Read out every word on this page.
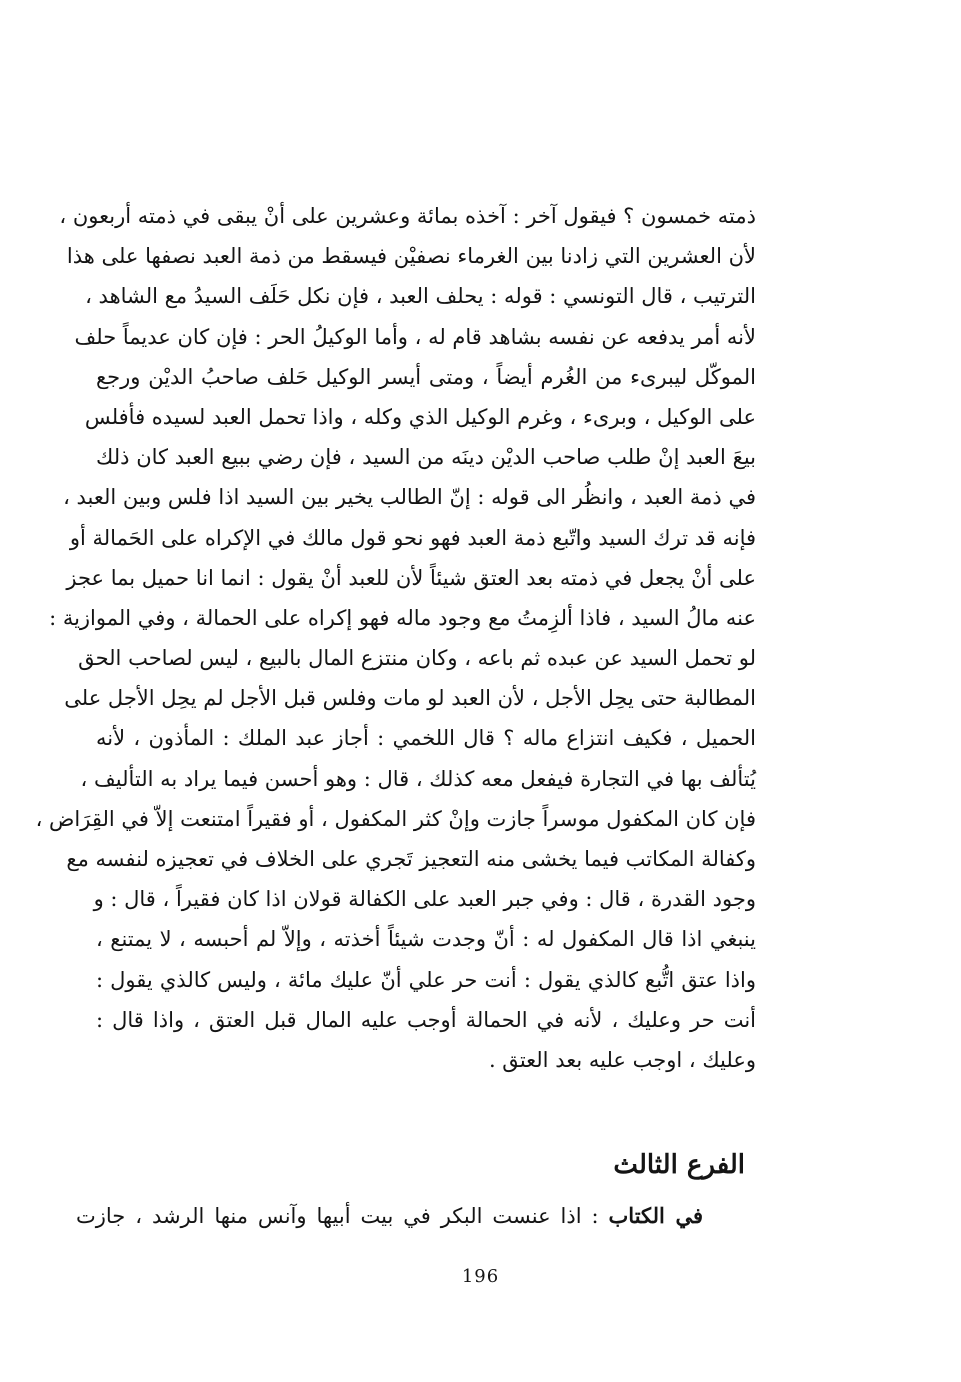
ذمته خمسون ؟ فيقول آخر : آخذه بمائة وعشرين على أنْ يبقى في ذمته أربعون ،
لأن العشرين التي زادنا بين الغرماء نصفيْن فيسقط من ذمة العبد نصفها على هذا
الترتيب ، قال التونسي : قوله : يحلف العبد ، فإن نكل حَلَف السيدُ مع الشاهد ،
لأنه أمر يدفعه عن نفسه بشاهد قام له ، وأما الوكيلُ الحر : فإن كان عديماً حلف
الموكّل ليبرىء من الغُرم أيضاً ، ومتى أيسر الوكيل حَلف صاحبُ الديْن ورجع
على الوكيل ، وبرىء ، وغرم الوكيل الذي وكله ، واذا تحمل العبد لسيده فأفلس
بيعَ العبد إنْ طلب صاحب الديْن دينَه من السيد ، فإن رضي ببيع العبد كان ذلك
في ذمة العبد ، وانظُر الى قوله : إنّ الطالب يخير بين السيد اذا فلس وبين العبد ،
فإنه قد ترك السيد واتّبع ذمة العبد فهو نحو قول مالك في الإكراه على الحَمالة أو
على أنْ يجعل في ذمته بعد العتق شيئاً لأن للعبد أنْ يقول : انما انا حميل بما عجز
عنه مالُ السيد ، فاذا ألزِمتُ مع وجود ماله فهو إكراه على الحمالة ، وفي الموازية :
لو تحمل السيد عن عبده ثم باعه ، وكان منتزع المال بالبيع ، ليس لصاحب الحق
المطالبة حتى يحِل الأجل ، لأن العبد لو مات وفلس قبل الأجل لم يحِل الأجل على
الحميل ، فكيف انتزاع ماله ؟ قال اللخمي : أجاز عبد الملك : المأذون ، لأنه
يُتألف بها في التجارة فيفعل معه كذلك ، قال : وهو أحسن فيما يراد به التأليف ،
فإن كان المكفول موسراً جازت وإنْ كثر المكفول ، أو فقيراً امتنعت إلاّ في القِرَاض ،
وكفالة المكاتب فيما يخشى منه التعجيز تَجري على الخلاف في تعجيزه لنفسه مع
وجود القدرة ، قال : وفي جبر العبد على الكفالة قولان اذا كان فقيراً ، قال : و
ينبغي اذا قال المكفول له : أنّ وجدت شيئاً أخذته ، وإلاّ لم أحبسه ، لا يمتنع ،
واذا عتق اتُّبع كالذي يقول : أنت حر علي أنّ عليك مائة ، وليس كالذي يقول :
أنت حر وعليك ، لأنه في الحمالة أوجب عليه المال قبل العتق ، واذا قال :
وعليك ، اوجب عليه بعد العتق .
الفرع الثالث
في الكتاب : اذا عنست البكر في بيت أبيها وآنس منها الرشد ، جازت
196
